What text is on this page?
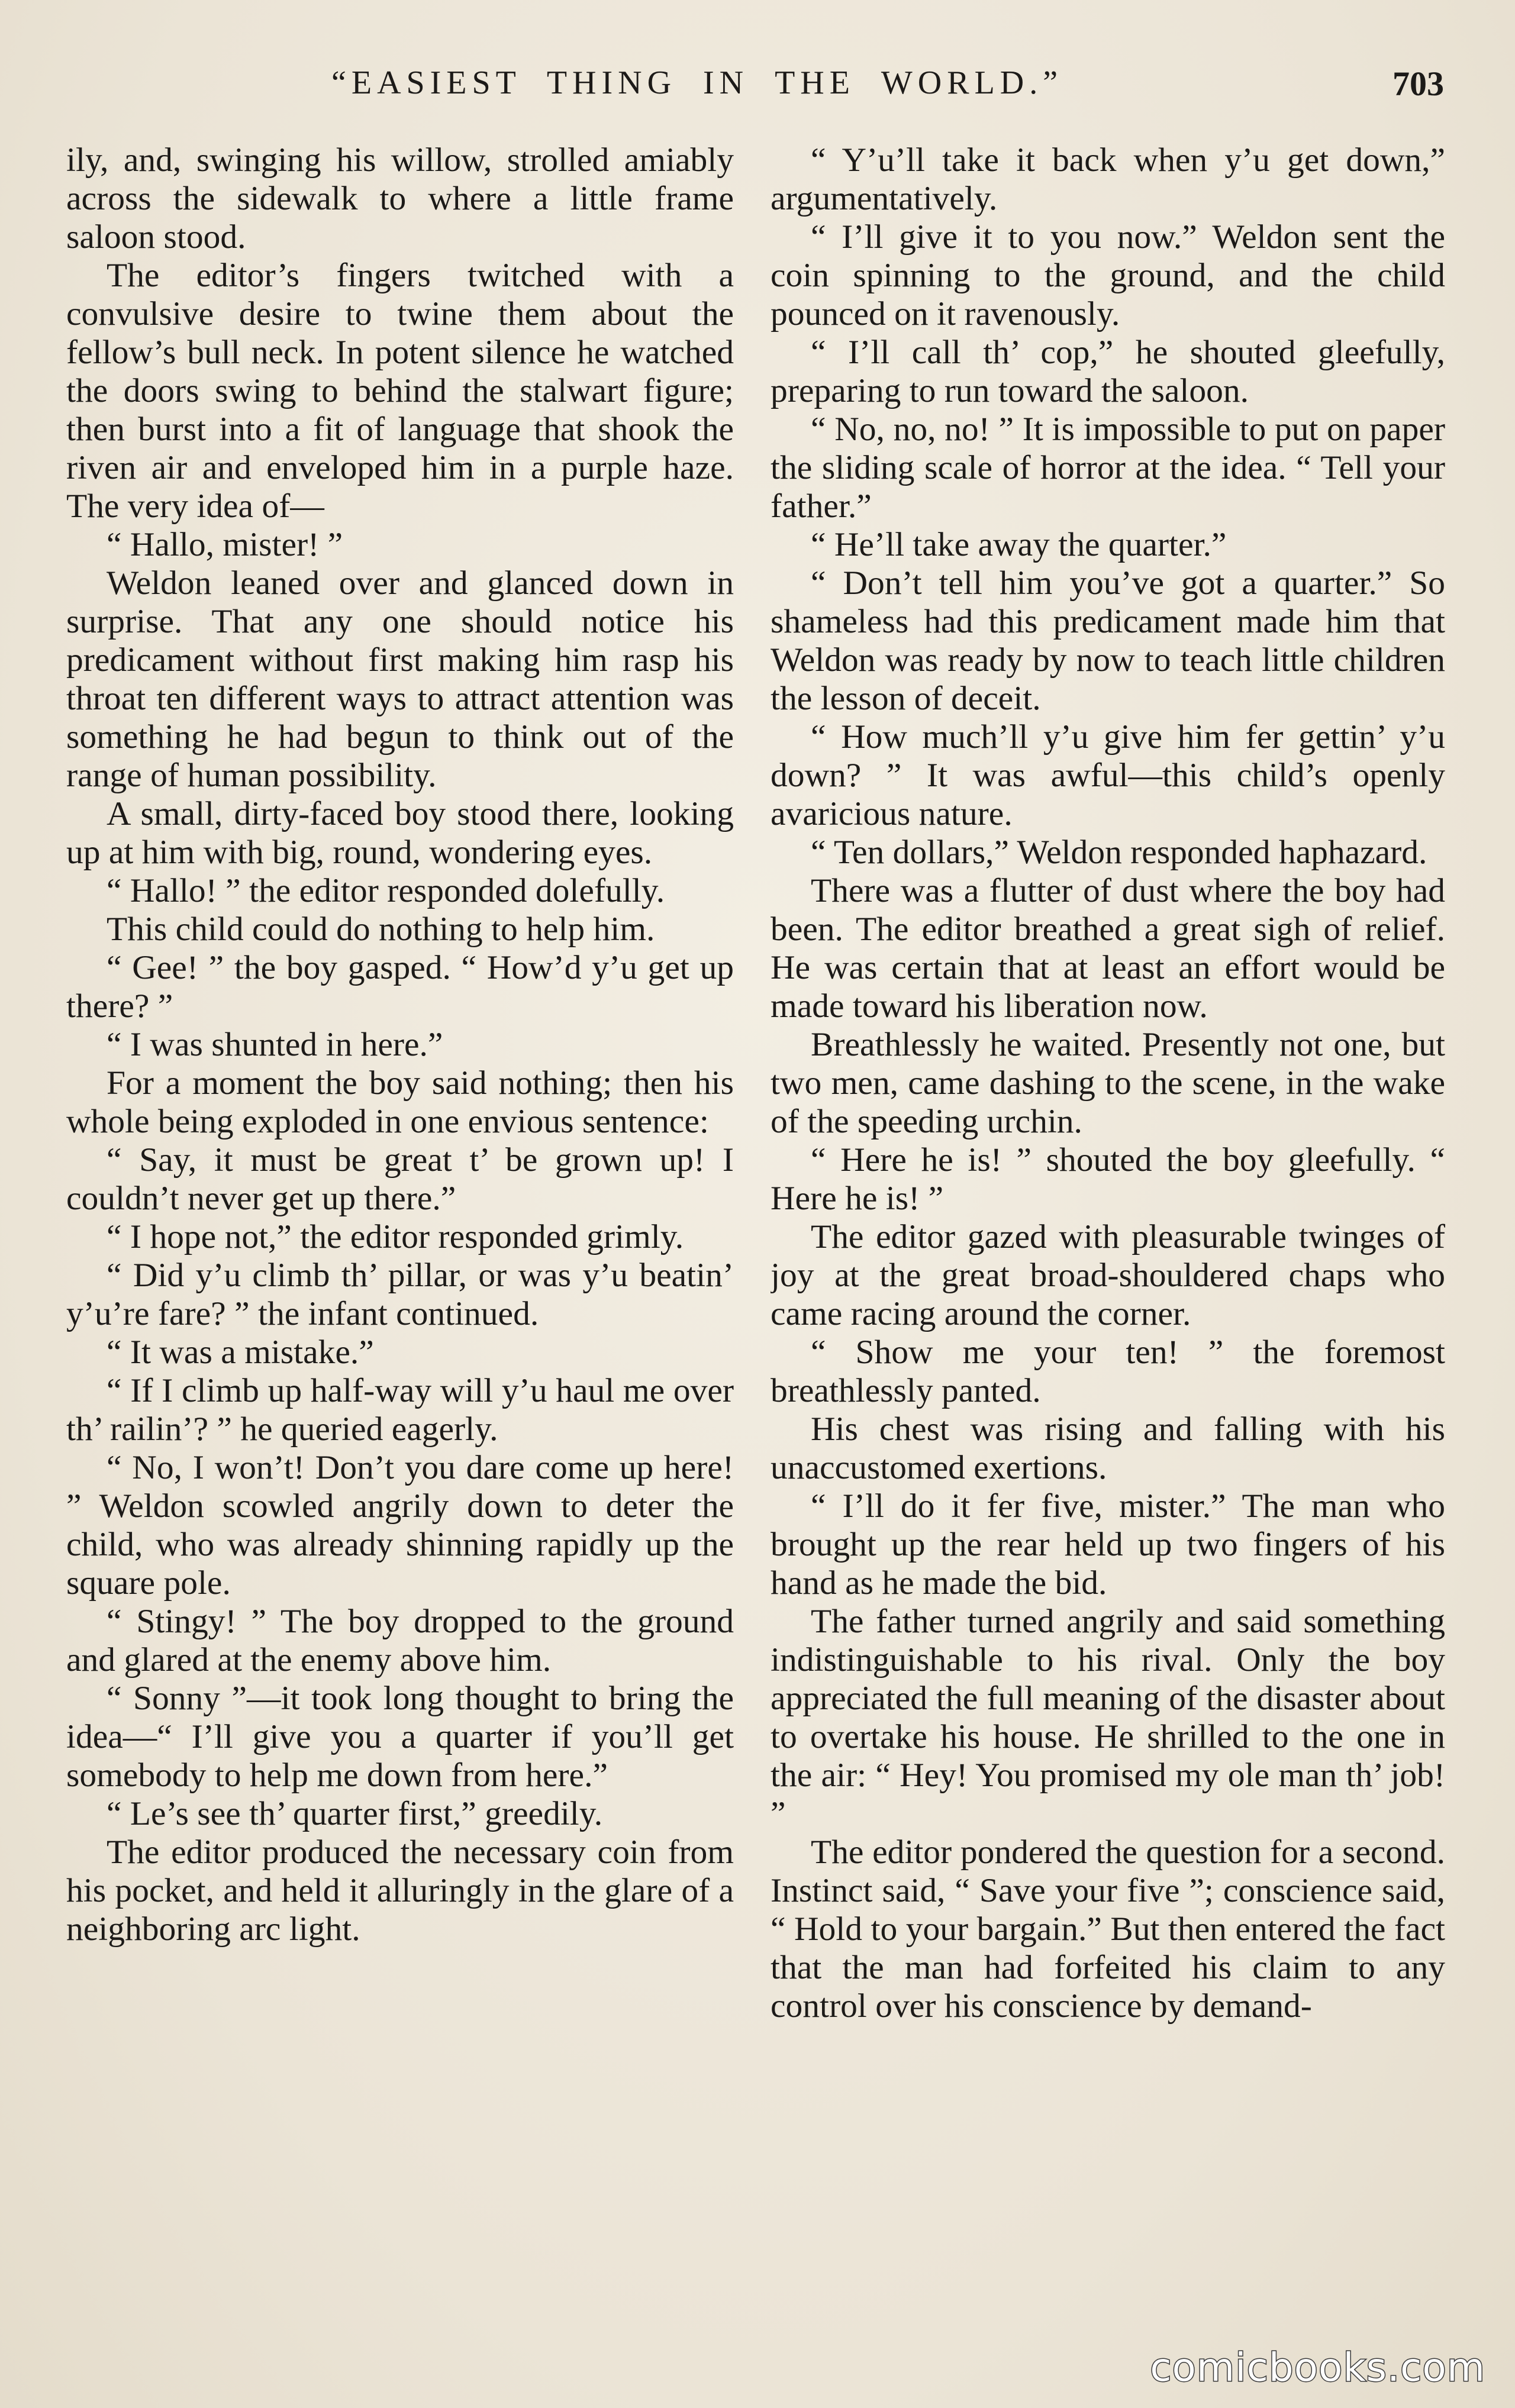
“EASIEST THING IN THE WORLD.”	703

ily, and, swinging his willow, strolled amiably across the sidewalk to where a little frame saloon stood.

The editor’s fingers twitched with a convulsive desire to twine them about the fellow’s bull neck. In potent silence he watched the doors swing to behind the stalwart figure; then burst into a fit of language that shook the riven air and enveloped him in a purple haze. The very idea of—

“ Hallo, mister! ”

Weldon leaned over and glanced down in surprise. That any one should notice his predicament without first making him rasp his throat ten different ways to attract attention was something he had begun to think out of the range of human possibility.

A small, dirty-faced boy stood there, looking up at him with big, round, wondering eyes.

“ Hallo! ” the editor responded dolefully.

This child could do nothing to help him.

“ Gee! ” the boy gasped. “ How’d y’u get up there? ”

“ I was shunted in here.”

For a moment the boy said nothing; then his whole being exploded in one envious sentence:

“ Say, it must be great t’ be grown up! I couldn’t never get up there.”

“ I hope not,” the editor responded grimly.

“ Did y’u climb th’ pillar, or was y’u beatin’ y’u’re fare? ” the infant continued.

“ It was a mistake.”

“ If I climb up half-way will y’u haul me over th’ railin’? ” he queried eagerly.

“ No, I won’t! Don’t you dare come up here! ” Weldon scowled angrily down to deter the child, who was already shinning rapidly up the square pole.

“ Stingy! ” The boy dropped to the ground and glared at the enemy above him.

“ Sonny ”—it took long thought to bring the idea—“ I’ll give you a quarter if you’ll get somebody to help me down from here.”

“ Le’s see th’ quarter first,” greedily.

The editor produced the necessary coin from his pocket, and held it alluringly in the glare of a neighboring arc light.

“ Y’u’ll take it back when y’u get down,” argumentatively.

“ I’ll give it to you now.” Weldon sent the coin spinning to the ground, and the child pounced on it ravenously.

“ I’ll call th’ cop,” he shouted gleefully, preparing to run toward the saloon.

“ No, no, no! ” It is impossible to put on paper the sliding scale of horror at the idea. “ Tell your father.”

“ He’ll take away the quarter.”

“ Don’t tell him you’ve got a quarter.” So shameless had this predicament made him that Weldon was ready by now to teach little children the lesson of deceit.

“ How much’ll y’u give him fer gettin’ y’u down? ” It was awful—this child’s openly avaricious nature.

“ Ten dollars,” Weldon responded haphazard.

There was a flutter of dust where the boy had been. The editor breathed a great sigh of relief. He was certain that at least an effort would be made toward his liberation now.

Breathlessly he waited. Presently not one, but two men, came dashing to the scene, in the wake of the speeding urchin.

“ Here he is! ” shouted the boy gleefully. “ Here he is! ”

The editor gazed with pleasurable twinges of joy at the great broad-shouldered chaps who came racing around the corner.

“ Show me your ten! ” the foremost breathlessly panted.

His chest was rising and falling with his unaccustomed exertions.

“ I’ll do it fer five, mister.” The man who brought up the rear held up two fingers of his hand as he made the bid.

The father turned angrily and said something indistinguishable to his rival. Only the boy appreciated the full meaning of the disaster about to overtake his house. He shrilled to the one in the air: “ Hey! You promised my ole man th’ job! ”

The editor pondered the question for a second. Instinct said, “ Save your five ”; conscience said, “ Hold to your bargain.” But then entered the fact that the man had forfeited his claim to any control over his conscience by demand-

comicbooks.com
